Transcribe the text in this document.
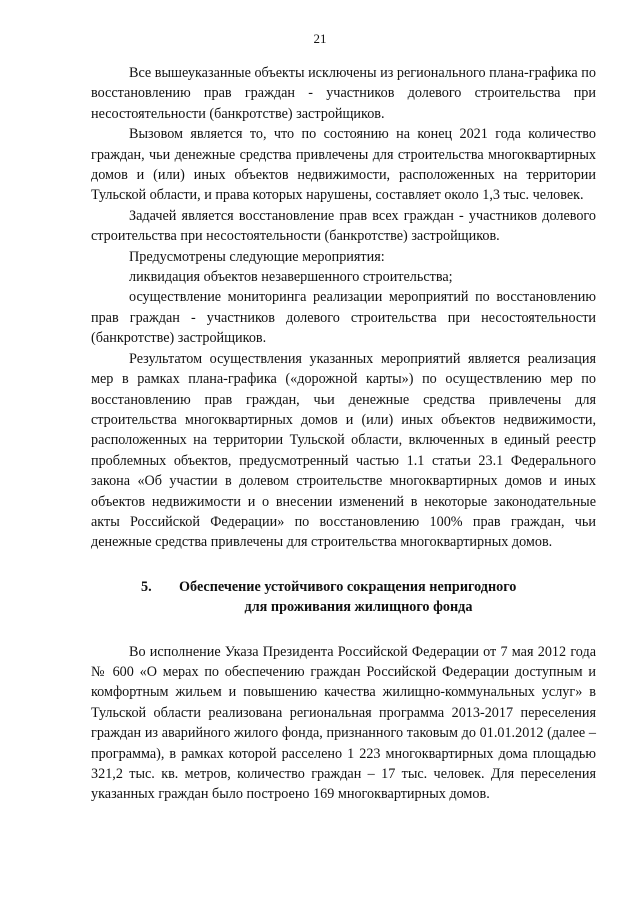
21

Все вышеуказанные объекты исключены из регионального плана-графика по восстановлению прав граждан - участников долевого строительства при несостоятельности (банкротстве) застройщиков.

Вызовом является то, что по состоянию на конец 2021 года количество граждан, чьи денежные средства привлечены для строительства многоквартирных домов и (или) иных объектов недвижимости, расположенных на территории Тульской области, и права которых нарушены, составляет около 1,3 тыс. человек.

Задачей является восстановление прав всех граждан - участников долевого строительства при несостоятельности (банкротстве) застройщиков.

Предусмотрены следующие мероприятия:

ликвидация объектов незавершенного строительства;

осуществление мониторинга реализации мероприятий по восстановлению прав граждан - участников долевого строительства при несостоятельности (банкротстве) застройщиков.

Результатом осуществления указанных мероприятий является реализация мер в рамках плана-графика («дорожной карты») по осуществлению мер по восстановлению прав граждан, чьи денежные средства привлечены для строительства многоквартирных домов и (или) иных объектов недвижимости, расположенных на территории Тульской области, включенных в единый реестр проблемных объектов, предусмотренный частью 1.1 статьи 23.1 Федерального закона «Об участии в долевом строительстве многоквартирных домов и иных объектов недвижимости и о внесении изменений в некоторые законодательные акты Российской Федерации» по восстановлению 100% прав граждан, чьи денежные средства привлечены для строительства многоквартирных домов.

5.	Обеспечение устойчивого сокращения непригодного
для проживания жилищного фонда

Во исполнение Указа Президента Российской Федерации от 7 мая 2012 года № 600 «О мерах по обеспечению граждан Российской Федерации доступным и комфортным жильем и повышению качества жилищно-коммунальных услуг» в Тульской области реализована региональная программа 2013-2017 переселения граждан из аварийного жилого фонда, признанного таковым до 01.01.2012 (далее – программа), в рамках которой расселено 1 223 многоквартирных дома площадью 321,2 тыс. кв. метров, количество граждан – 17 тыс. человек. Для переселения указанных граждан было построено 169 многоквартирных домов.
